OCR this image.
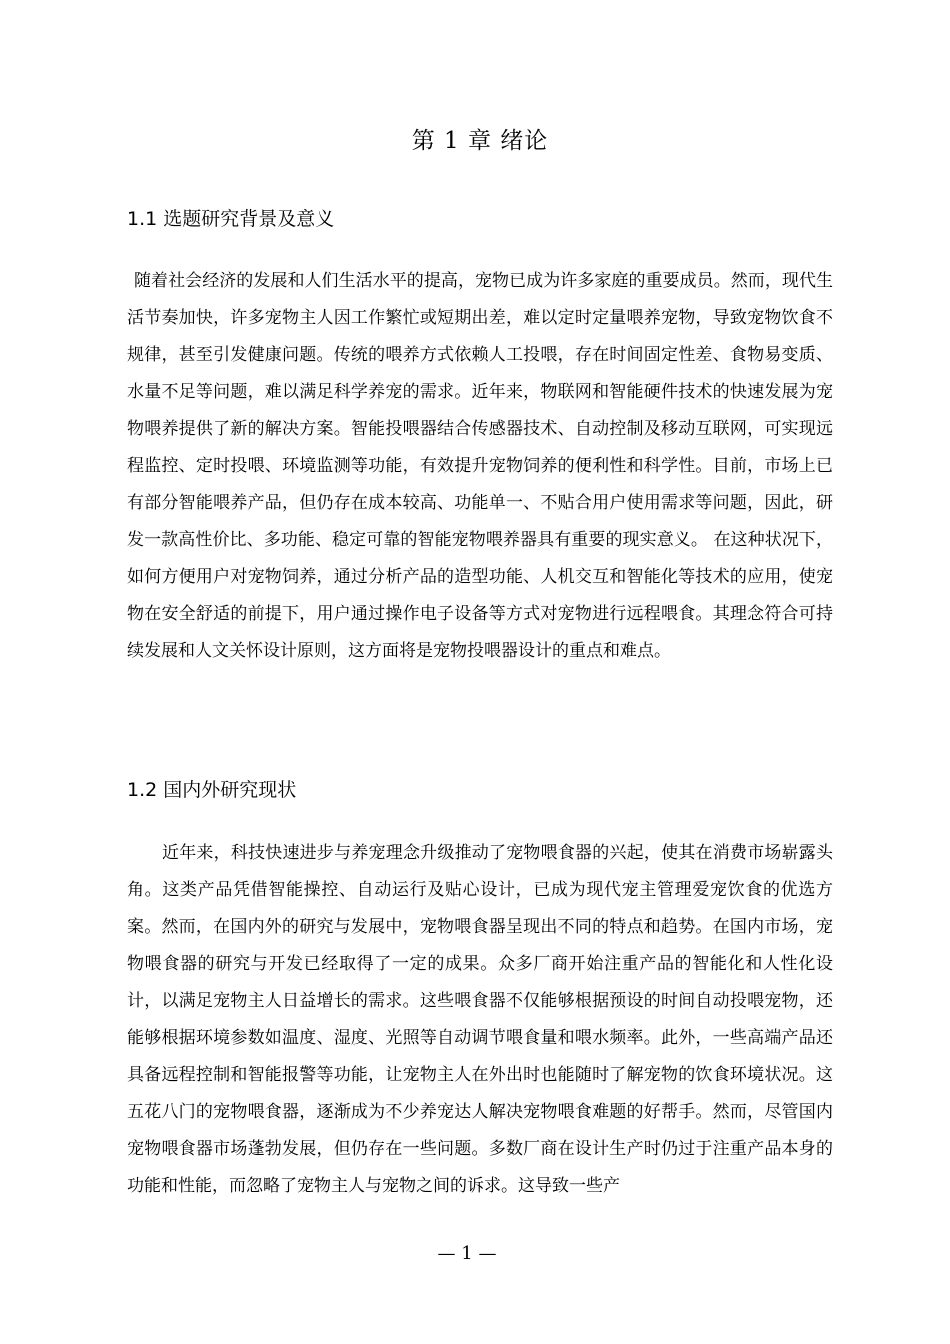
第 1 章 绪论
1.1 选题研究背景及意义

随着社会经济的发展和人们生活水平的提高，宠物已成为许多家庭的重要成员。然而，现代生活节奏加快，许多宠物主人因工作繁忙或短期出差，难以定时定量喂养宠物，导致宠物饮食不规律，甚至引发健康问题。传统的喂养方式依赖人工投喂，存在时间固定性差、食物易变质、水量不足等问题，难以满足科学养宠的需求。近年来，物联网和智能硬件技术的快速发展为宠物喂养提供了新的解决方案。智能投喂器结合传感器技术、自动控制及移动互联网，可实现远程监控、定时投喂、环境监测等功能，有效提升宠物饲养的便利性和科学性。目前，市场上已有部分智能喂养产品，但仍存在成本较高、功能单一、不贴合用户使用需求等问题，因此，研发一款高性价比、多功能、稳定可靠的智能宠物喂养器具有重要的现实意义。 在这种状况下，如何方便用户对宠物饲养，通过分析产品的造型功能、人机交互和智能化等技术的应用，使宠物在安全舒适的前提下，用户通过操作电子设备等方式对宠物进行远程喂食。其理念符合可持续发展和人文关怀设计原则，这方面将是宠物投喂器设计的重点和难点。

1.2 国内外研究现状

近年来，科技快速进步与养宠理念升级推动了宠物喂食器的兴起，使其在消费市场崭露头角。这类产品凭借智能操控、自动运行及贴心设计，已成为现代宠主管理爱宠饮食的优选方案。然而，在国内外的研究与发展中，宠物喂食器呈现出不同的特点和趋势。在国内市场，宠物喂食器的研究与开发已经取得了一定的成果。众多厂商开始注重产品的智能化和人性化设计，以满足宠物主人日益增长的需求。这些喂食器不仅能够根据预设的时间自动投喂宠物，还能够根据环境参数如温度、湿度、光照等自动调节喂食量和喂水频率。此外，一些高端产品还具备远程控制和智能报警等功能，让宠物主人在外出时也能随时了解宠物的饮食环境状况。这五花八门的宠物喂食器，逐渐成为不少养宠达人解决宠物喂食难题的好帮手。然而，尽管国内宠物喂食器市场蓬勃发展，但仍存在一些问题。多数厂商在设计生产时仍过于注重产品本身的功能和性能，而忽略了宠物主人与宠物之间的诉求。这导致一些产

— 1 —
